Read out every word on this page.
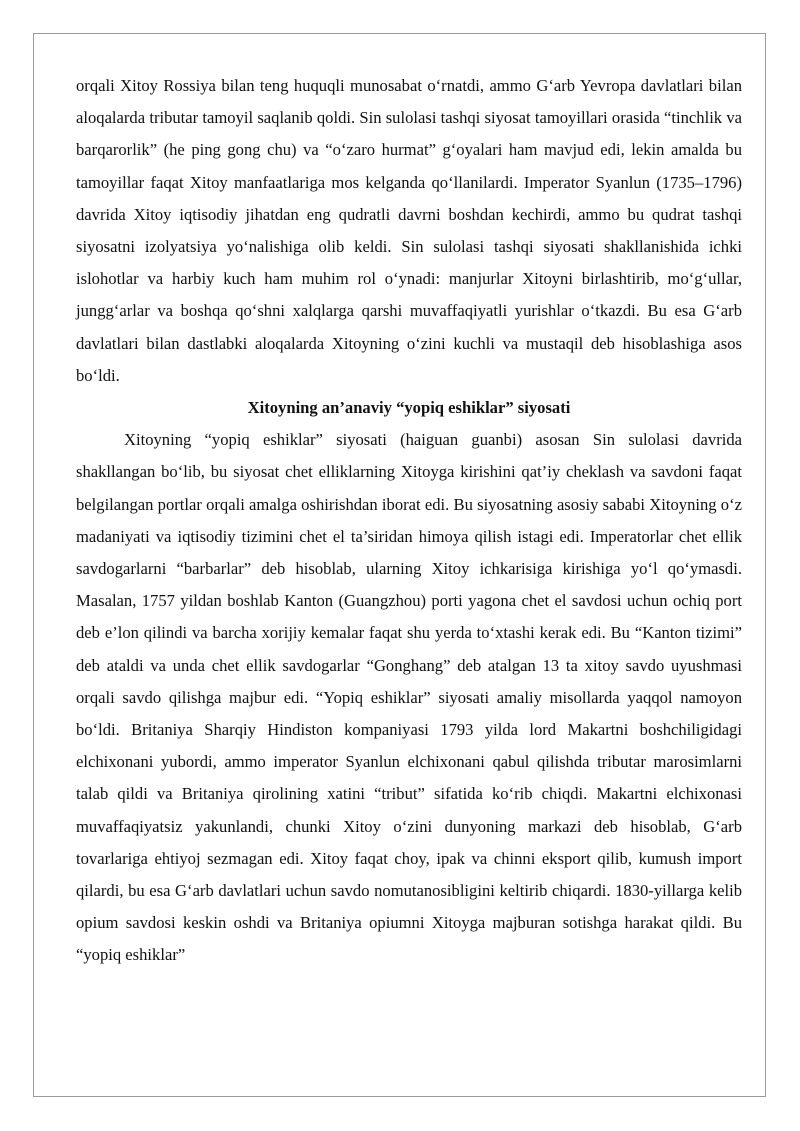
orqali Xitoy Rossiya bilan teng huquqli munosabat o‘rnatdi, ammo G‘arb Yevropa davlatlari bilan aloqalarda tributar tamoyil saqlanib qoldi. Sin sulolasi tashqi siyosat tamoyillari orasida “tinchlik va barqarorlik” (he ping gong chu) va “o‘zaro hurmat” g‘oyalari ham mavjud edi, lekin amalda bu tamoyillar faqat Xitoy manfaatlariga mos kelganda qo‘llanilardi. Imperator Syanlun (1735–1796) davrida Xitoy iqtisodiy jihatdan eng qudratli davrni boshdan kechirdi, ammo bu qudrat tashqi siyosatni izolyatsiya yo‘nalishiga olib keldi. Sin sulolasi tashqi siyosati shakllanishida ichki islohotlar va harbiy kuch ham muhim rol o‘ynadi: manjurlar Xitoyni birlashtirib, mo‘g‘ullar, jungg‘arlar va boshqa qo‘shni xalqlarga qarshi muvaffaqiyatli yurishlar o‘tkazdi. Bu esa G‘arb davlatlari bilan dastlabki aloqalarda Xitoyning o‘zini kuchli va mustaqil deb hisoblashiga asos bo‘ldi.

Xitoyning an’anaviy “yopiq eshiklar” siyosati

Xitoyning “yopiq eshiklar” siyosati (haiguan guanbi) asosan Sin sulolasi davrida shakllangan bo‘lib, bu siyosat chet elliklarning Xitoyga kirishini qat’iy cheklash va savdoni faqat belgilangan portlar orqali amalga oshirishdan iborat edi. Bu siyosatning asosiy sababi Xitoyning o‘z madaniyati va iqtisodiy tizimini chet el ta’siridan himoya qilish istagi edi. Imperatorlar chet ellik savdogarlarni “barbarlar” deb hisoblab, ularning Xitoy ichkarisiga kirishiga yo‘l qo‘ymasdi. Masalan, 1757 yildan boshlab Kanton (Guangzhou) porti yagona chet el savdosi uchun ochiq port deb e’lon qilindi va barcha xorijiy kemalar faqat shu yerda to‘xtashi kerak edi. Bu “Kanton tizimi” deb ataldi va unda chet ellik savdogarlar “Gonghang” deb atalgan 13 ta xitoy savdo uyushmasi orqali savdo qilishga majbur edi. “Yopiq eshiklar” siyosati amaliy misollarda yaqqol namoyon bo‘ldi. Britaniya Sharqiy Hindiston kompaniyasi 1793 yilda lord Makartni boshchiligidagi elchixonani yubordi, ammo imperator Syanlun elchixonani qabul qilishda tributar marosimlarni talab qildi va Britaniya qirolining xatini “tribut” sifatida ko‘rib chiqdi. Makartni elchixonasi muvaffaqiyatsiz yakunlandi, chunki Xitoy o‘zini dunyoning markazi deb hisoblab, G‘arb tovarlariga ehtiyoj sezmagan edi. Xitoy faqat choy, ipak va chinni eksport qilib, kumush import qilardi, bu esa G‘arb davlatlari uchun savdo nomutanosibligini keltirib chiqardi. 1830-yillarga kelib opium savdosi keskin oshdi va Britaniya opiumni Xitoyga majburan sotishga harakat qildi. Bu “yopiq eshiklar”
